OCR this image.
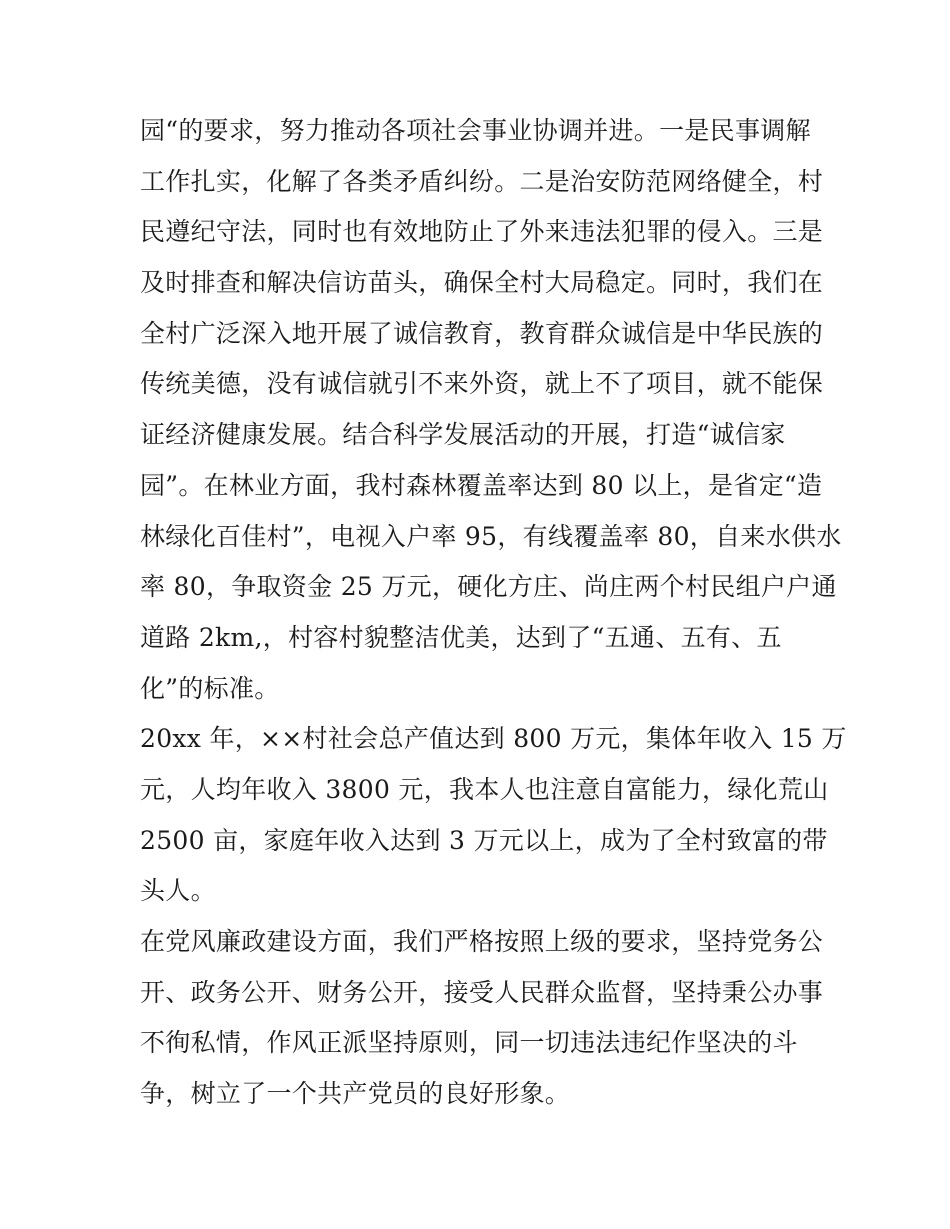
园“的要求，努力推动各项社会事业协调并进。一是民事调解
工作扎实，化解了各类矛盾纠纷。二是治安防范网络健全，村
民遵纪守法，同时也有效地防止了外来违法犯罪的侵入。三是
及时排查和解决信访苗头，确保全村大局稳定。同时，我们在
全村广泛深入地开展了诚信教育，教育群众诚信是中华民族的
传统美德，没有诚信就引不来外资，就上不了项目，就不能保
证经济健康发展。结合科学发展活动的开展，打造“诚信家
园”。在林业方面，我村森林覆盖率达到 80 以上，是省定“造
林绿化百佳村”，电视入户率 95，有线覆盖率 80，自来水供水
率 80，争取资金 25 万元，硬化方庄、尚庄两个村民组户户通
道路 2km,，村容村貌整洁优美，达到了“五通、五有、五
化”的标准。
20xx 年，××村社会总产值达到 800 万元，集体年收入 15 万
元，人均年收入 3800 元，我本人也注意自富能力，绿化荒山
2500 亩，家庭年收入达到 3 万元以上，成为了全村致富的带
头人。
在党风廉政建设方面，我们严格按照上级的要求，坚持党务公
开、政务公开、财务公开，接受人民群众监督，坚持秉公办事
不徇私情，作风正派坚持原则，同一切违法违纪作坚决的斗
争，树立了一个共产党员的良好形象。
